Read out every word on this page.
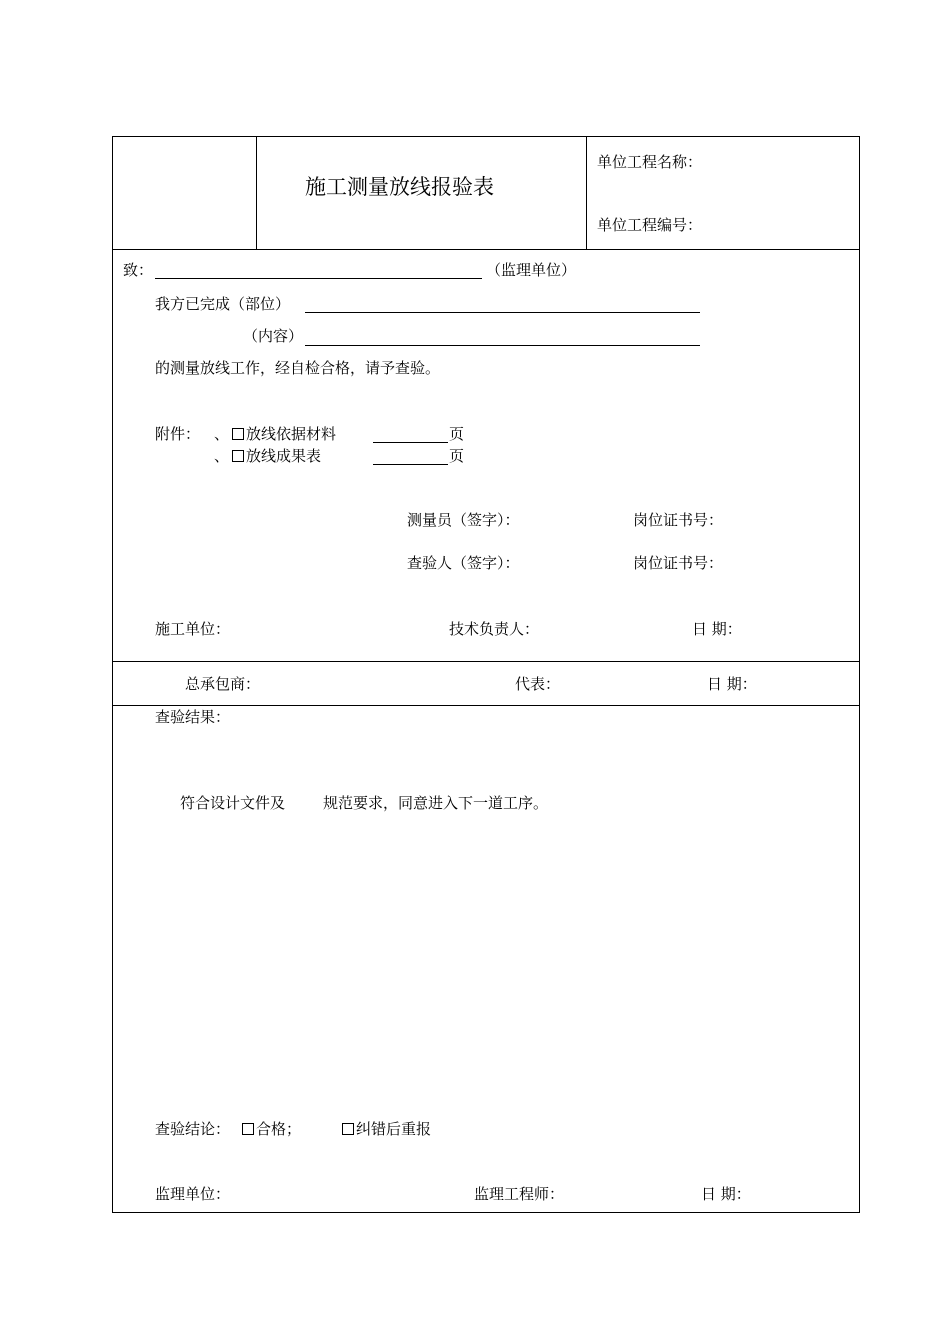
施工测量放线报验表
单位工程名称：
单位工程编号：
致：	（监理单位）
我方已完成（部位）
（内容）
的测量放线工作，经自检合格，请予查验。
附件： 、	放线依据材料	页
、	放线成果表	页
测量员（签字）：	岗位证书号：
查验人（签字）：	岗位证书号：
施工单位：	技术负责人：	日 期：
总承包商：	代表：	日 期：
查验结果：
符合设计文件及	规范要求，同意进入下一道工序。
查验结论：	合格；	纠错后重报
监理单位：	监理工程师：	日 期：
